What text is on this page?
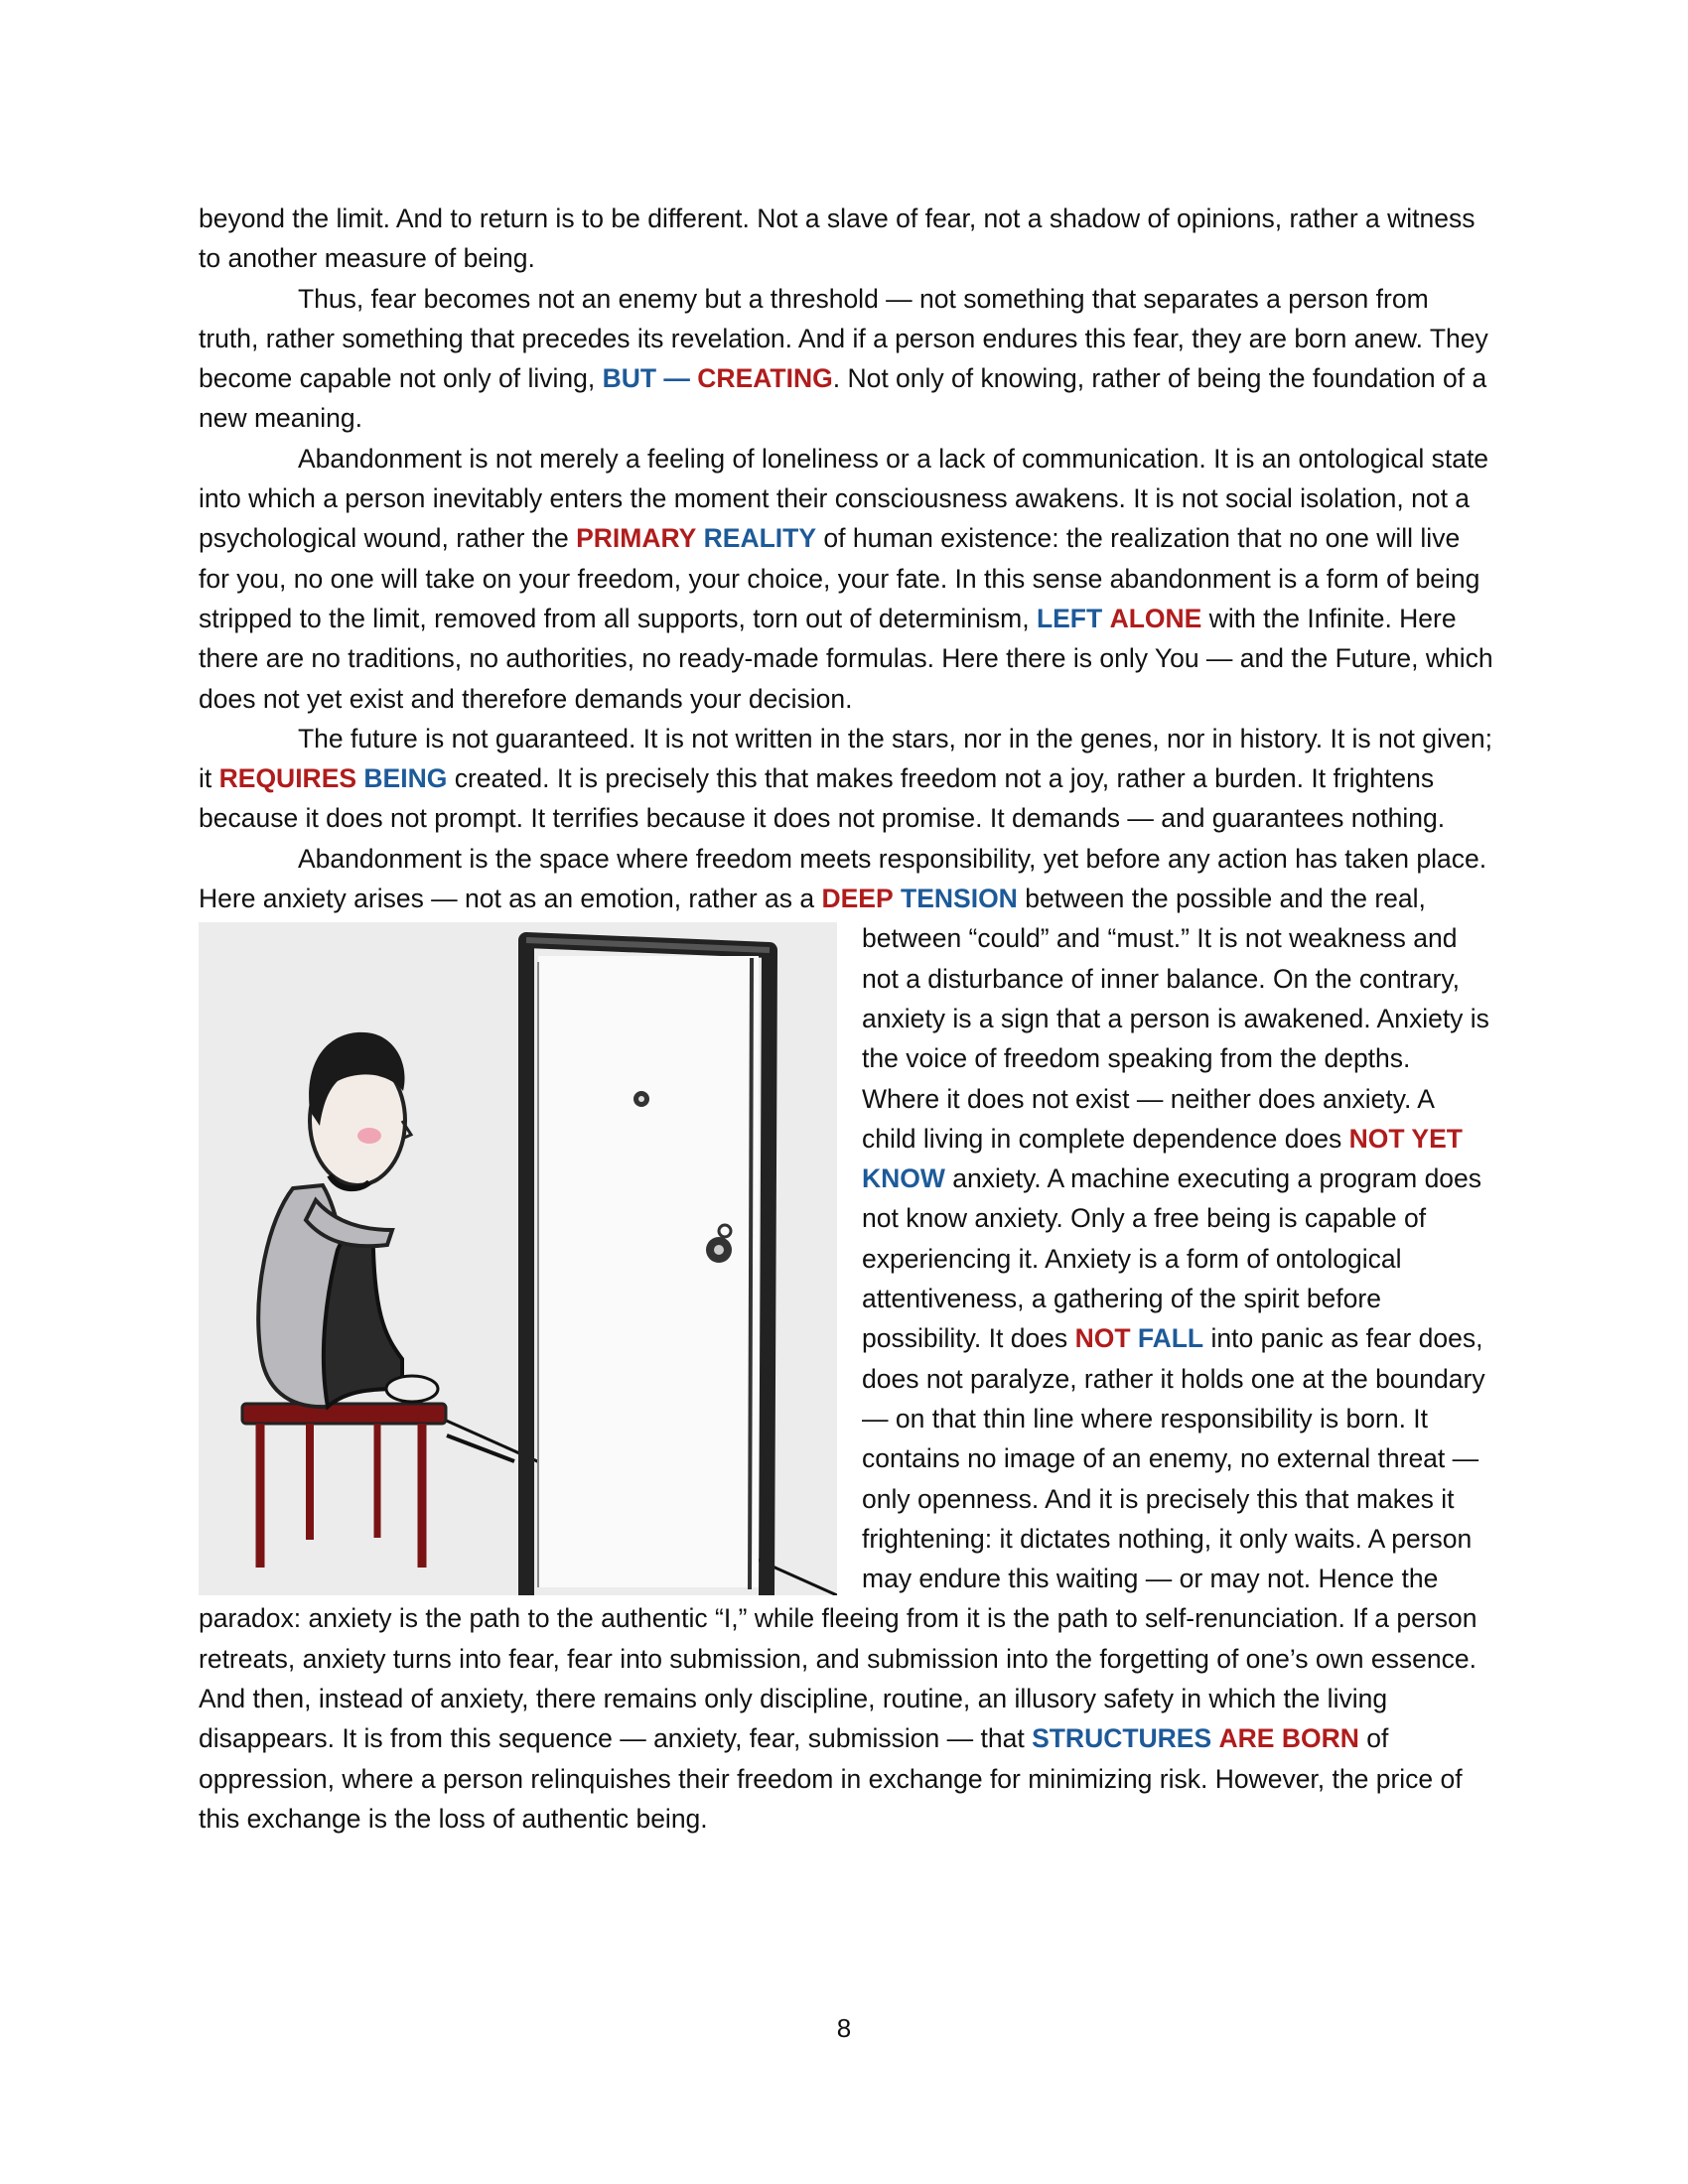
beyond the limit. And to return is to be different. Not a slave of fear, not a shadow of opinions, rather a witness to another measure of being.

Thus, fear becomes not an enemy but a threshold — not something that separates a person from truth, rather something that precedes its revelation. And if a person endures this fear, they are born anew. They become capable not only of living, BUT — CREATING. Not only of knowing, rather of being the foundation of a new meaning.

Abandonment is not merely a feeling of loneliness or a lack of communication. It is an ontological state into which a person inevitably enters the moment their consciousness awakens. It is not social isolation, not a psychological wound, rather the PRIMARY REALITY of human existence: the realization that no one will live for you, no one will take on your freedom, your choice, your fate. In this sense abandonment is a form of being stripped to the limit, removed from all supports, torn out of determinism, LEFT ALONE with the Infinite. Here there are no traditions, no authorities, no ready-made formulas. Here there is only You — and the Future, which does not yet exist and therefore demands your decision.

The future is not guaranteed. It is not written in the stars, nor in the genes, nor in history. It is not given; it REQUIRES BEING created. It is precisely this that makes freedom not a joy, rather a burden. It frightens because it does not prompt. It terrifies because it does not promise. It demands — and guarantees nothing.

Abandonment is the space where freedom meets responsibility, yet before any action has taken place. Here anxiety arises — not as an emotion, rather as a DEEP TENSION
between the possible and the real, between “could” and “must.” It is not weakness and not a disturbance of inner balance. On the contrary, anxiety is a sign that a person is awakened. Anxiety is the voice of freedom speaking from the depths. Where it does not exist — neither does anxiety. A child living in complete dependence does NOT YET KNOW anxiety. A machine executing a program does not know anxiety. Only a free being is capable of experiencing it. Anxiety is a form of ontological attentiveness, a gathering of the spirit before possibility. It does NOT FALL into panic as fear does, does not paralyze, rather it holds one at the boundary — on that thin line where responsibility is born. It contains no image of an enemy, no external threat — only openness. And it is precisely this that makes it frightening: it dictates nothing, it only waits. A person may endure this waiting — or may not. Hence the paradox: anxiety is the path to the authentic “I,” while fleeing from it is the path to self-renunciation. If a person retreats, anxiety turns into fear, fear into submission, and submission into the forgetting of one’s own essence. And then, instead of anxiety, there remains only discipline, routine, an illusory safety in which the living disappears. It is from this sequence — anxiety, fear, submission — that STRUCTURES ARE BORN of oppression, where a person relinquishes their freedom in exchange for minimizing risk. However, the price of this exchange is the loss of authentic being.

8
